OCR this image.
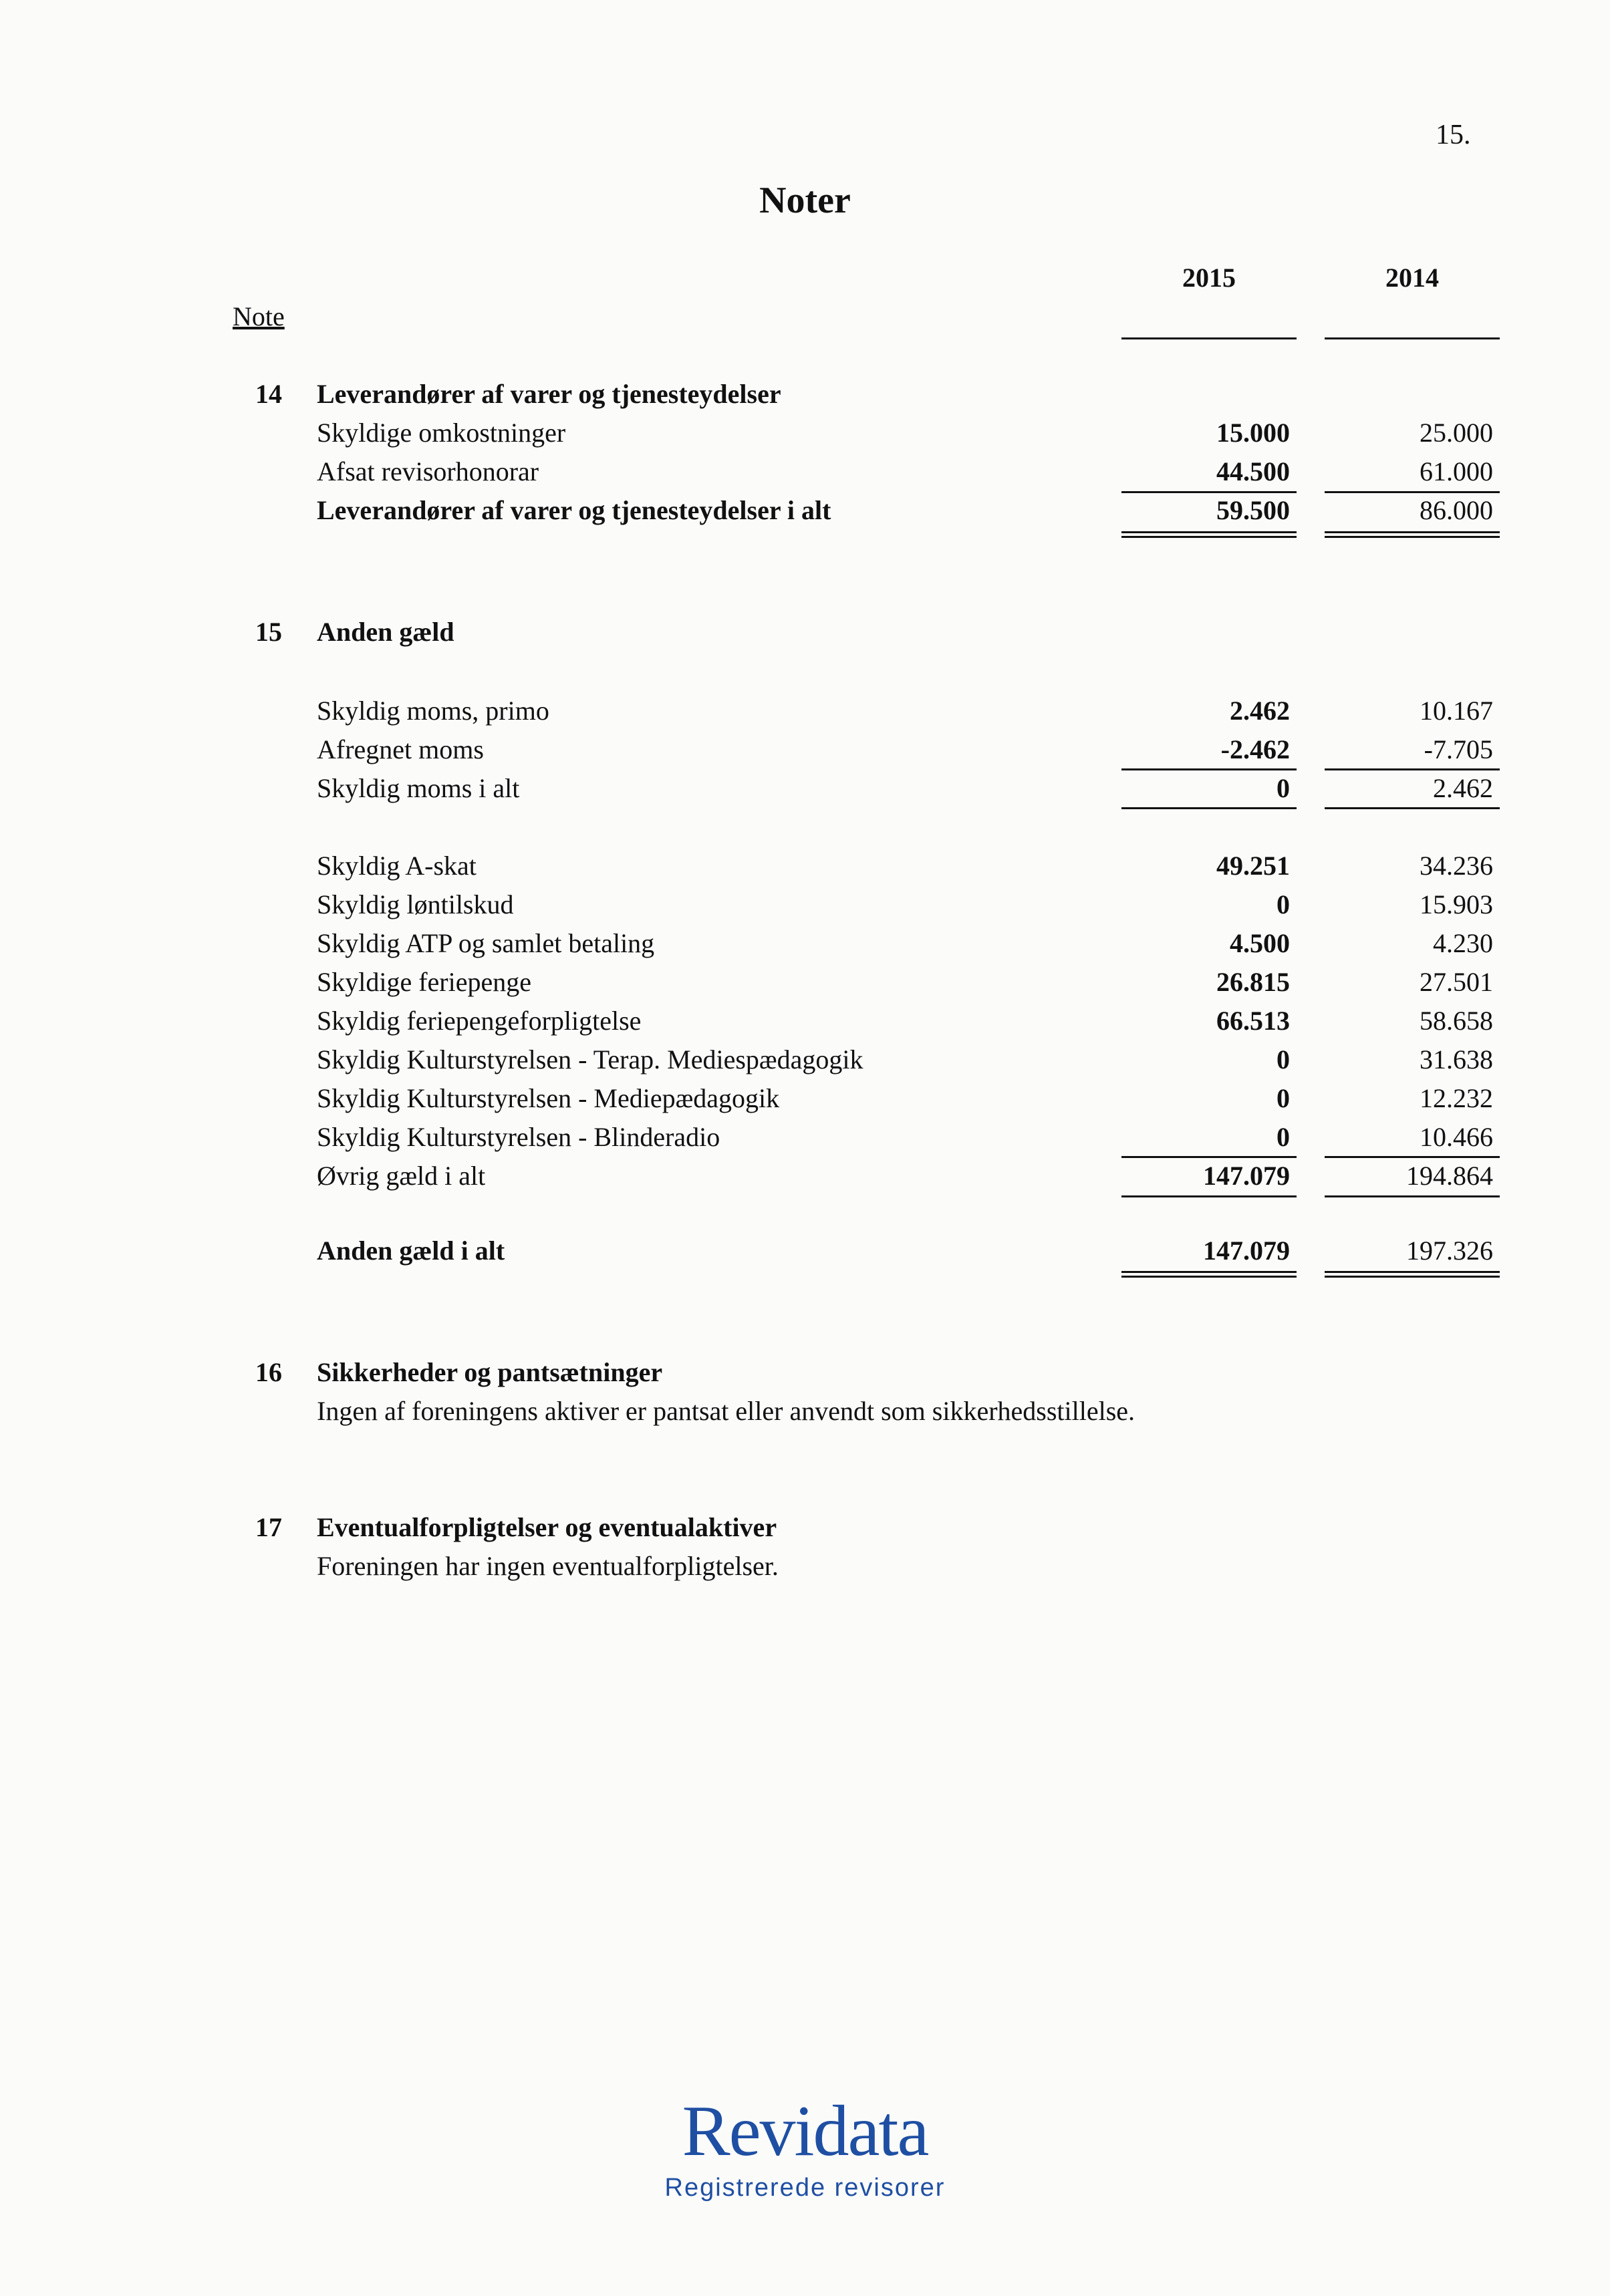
15.
Noter
2015	2014
Note
14 Leverandører af varer og tjenesteydelser
Skyldige omkostninger	15.000	25.000
Afsat revisorhonorar	44.500	61.000
Leverandører af varer og tjenesteydelser i alt	59.500	86.000
15 Anden gæld
Skyldig moms, primo	2.462	10.167
Afregnet moms	-2.462	-7.705
Skyldig moms i alt	0	2.462
Skyldig A-skat	49.251	34.236
Skyldig løntilskud	0	15.903
Skyldig ATP og samlet betaling	4.500	4.230
Skyldige feriepenge	26.815	27.501
Skyldig feriepengeforpligtelse	66.513	58.658
Skyldig Kulturstyrelsen - Terap. Mediespædagogik	0	31.638
Skyldig Kulturstyrelsen - Mediepædagogik	0	12.232
Skyldig Kulturstyrelsen - Blinderadio	0	10.466
Øvrig gæld i alt	147.079	194.864
Anden gæld i alt	147.079	197.326
16 Sikkerheder og pantsætninger
Ingen af foreningens aktiver er pantsat eller anvendt som sikkerhedsstillelse.
17 Eventualforpligtelser og eventualaktiver
Foreningen har ingen eventualforpligtelser.
Revidata
Registrerede revisorer
